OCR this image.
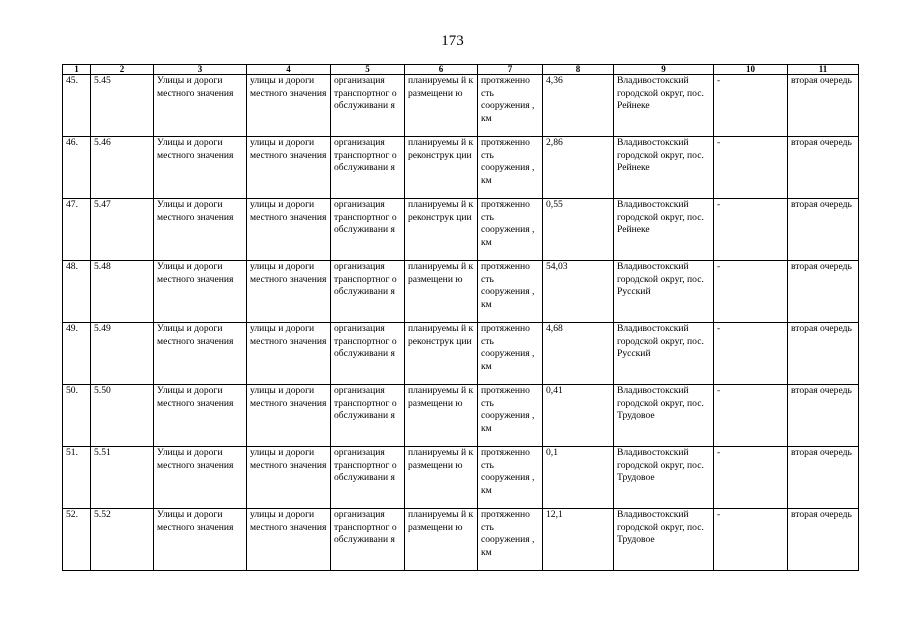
173
1	2	3	4	5	6	7	8	9	10	11
45.	5.45	Улицы и дороги местного значения	улицы и дороги местного значения	организация транспортног о обслуживани я	планируемы й к размещени ю	протяженно сть сооружения , км	4,36	Владивостокский городской округ, пос. Рейнеке	-	вторая очередь
46.	5.46	Улицы и дороги местного значения	улицы и дороги местного значения	организация транспортног о обслуживани я	планируемы й к реконструк ции	протяженно сть сооружения , км	2,86	Владивостокский городской округ, пос. Рейнеке	-	вторая очередь
47.	5.47	Улицы и дороги местного значения	улицы и дороги местного значения	организация транспортног о обслуживани я	планируемы й к реконструк ции	протяженно сть сооружения , км	0,55	Владивостокский городской округ, пос. Рейнеке	-	вторая очередь
48.	5.48	Улицы и дороги местного значения	улицы и дороги местного значения	организация транспортног о обслуживани я	планируемы й к размещени ю	протяженно сть сооружения , км	54,03	Владивостокский городской округ, пос. Русский	-	вторая очередь
49.	5.49	Улицы и дороги местного значения	улицы и дороги местного значения	организация транспортног о обслуживани я	планируемы й к реконструк ции	протяженно сть сооружения , км	4,68	Владивостокский городской округ, пос. Русский	-	вторая очередь
50.	5.50	Улицы и дороги местного значения	улицы и дороги местного значения	организация транспортног о обслуживани я	планируемы й к размещени ю	протяженно сть сооружения , км	0,41	Владивостокский городской округ, пос. Трудовое	-	вторая очередь
51.	5.51	Улицы и дороги местного значения	улицы и дороги местного значения	организация транспортног о обслуживани я	планируемы й к размещени ю	протяженно сть сооружения , км	0,1	Владивостокский городской округ, пос. Трудовое	-	вторая очередь
52.	5.52	Улицы и дороги местного значения	улицы и дороги местного значения	организация транспортног о обслуживани я	планируемы й к размещени ю	протяженно сть сооружения , км	12,1	Владивостокский городской округ, пос. Трудовое	-	вторая очередь
